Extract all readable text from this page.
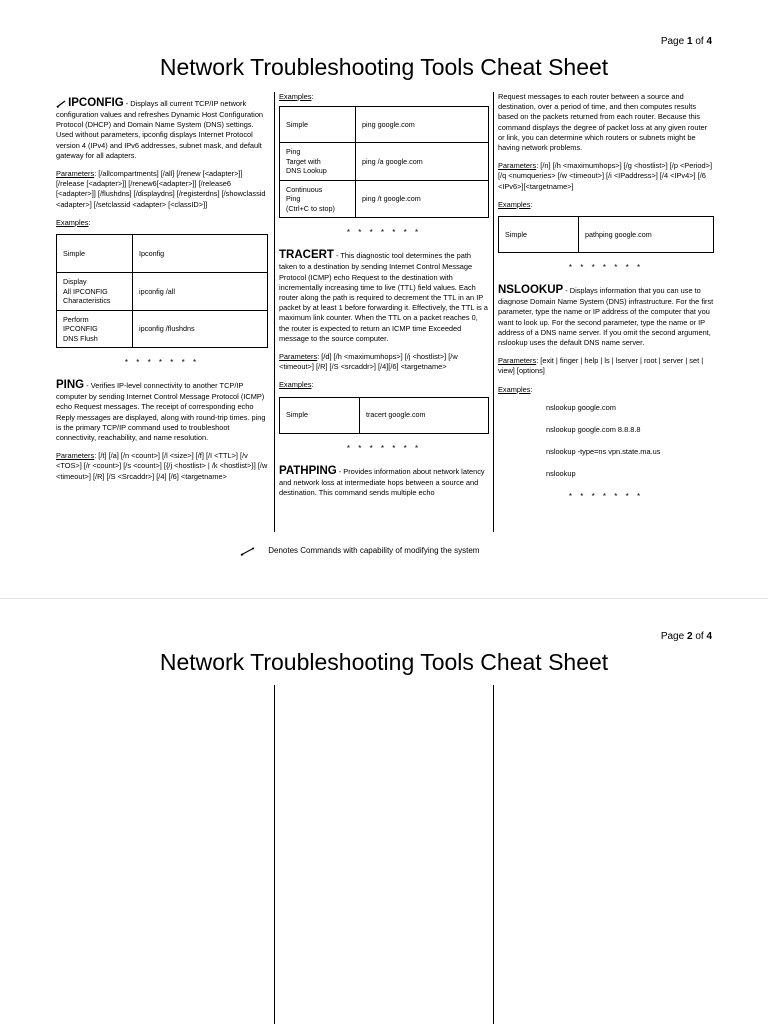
Page 1 of 4
Network Troubleshooting Tools Cheat Sheet

IPCONFIG - Displays all current TCP/IP network configuration values and refreshes Dynamic Host Configuration Protocol (DHCP) and Domain Name System (DNS) settings. Used without parameters, ipconfig displays Internet Protocol version 4 (IPv4) and IPv6 addresses, subnet mask, and default gateway for all adapters.

Parameters: [/allcompartments] [/all] [/renew [<adapter>]] [/release [<adapter>]] [/renew6[<adapter>]] [/release6 [<adapter>]] [/flushdns] [/displaydns] [/registerdns] [/showclassid <adapter>] [/setclassid <adapter> [<classID>]]

Examples:
Simple	Ipconfig
Display
All IPCONFIG
Characteristics	ipconfig /all
Perform
IPCONFIG
DNS Flush	ipconfig /flushdns
* * * * * * *

PING - Verifies IP-level connectivity to another TCP/IP computer by sending Internet Control Message Protocol (ICMP) echo Request messages. The receipt of corresponding echo Reply messages are displayed, along with round-trip times. ping is the primary TCP/IP command used to troubleshoot connectivity, reachability, and name resolution.

Parameters: [/t] [/a] [/n <count>] [/l <size>] [/f] [/I <TTL>] [/v <TOS>] [/r <count>] [/s <count>] [{/j <hostlist> | /k <hostlist>}] [/w <timeout>] [/R] [/S <Srcaddr>] [/4] [/6] <targetname>

Examples:
Simple	ping google.com
Ping
Target with
DNS Lookup	ping /a google.com
Continuous
Ping
(Ctrl+C to stop)	ping /t google.com
* * * * * * *

TRACERT - This diagnostic tool determines the path taken to a destination by sending Internet Control Message Protocol (ICMP) echo Request to the destination with incrementally increasing time to live (TTL) field values. Each router along the path is required to decrement the TTL in an IP packet by at least 1 before forwarding it. Effectively, the TTL is a maximum link counter. When the TTL on a packet reaches 0, the router is expected to return an ICMP time Exceeded message to the source computer.

Parameters: [/d] [/h <maximumhops>] [/j <hostlist>] [/w <timeout>] [/R] [/S <srcaddr>] [/4][/6] <targetname>

Examples:
Simple	tracert google.com
* * * * * * *

PATHPING - Provides information about network latency and network loss at intermediate hops between a source and destination. This command sends multiple echo

Request messages to each router between a source and destination, over a period of time, and then computes results based on the packets returned from each router. Because this command displays the degree of packet loss at any given router or link, you can determine which routers or subnets might be having network problems.

Parameters: [/n] [/h <maximumhops>] [/g <hostlist>] [/p <Period>] [/q <numqueries> [/w <timeout>] [/i <IPaddress>] [/4 <IPv4>] [/6 <IPv6>][<targetname>]

Examples:
Simple	pathping google.com
* * * * * * *

NSLOOKUP - Displays information that you can use to diagnose Domain Name System (DNS) infrastructure. For the first parameter, type the name or IP address of the computer that you want to look up. For the second parameter, type the name or IP address of a DNS name server. If you omit the second argument, nslookup uses the default DNS name server.

Parameters: [exit | finger | help | ls | lserver | root | server | set | view] [options]

Examples:
nslookup google.com
nslookup google.com 8.8.8.8
nslookup -type=ns vpn.state.ma.us
nslookup
* * * * * * *
Denotes Commands with capability of modifying the system
Page 2 of 4
Network Troubleshooting Tools Cheat Sheet
